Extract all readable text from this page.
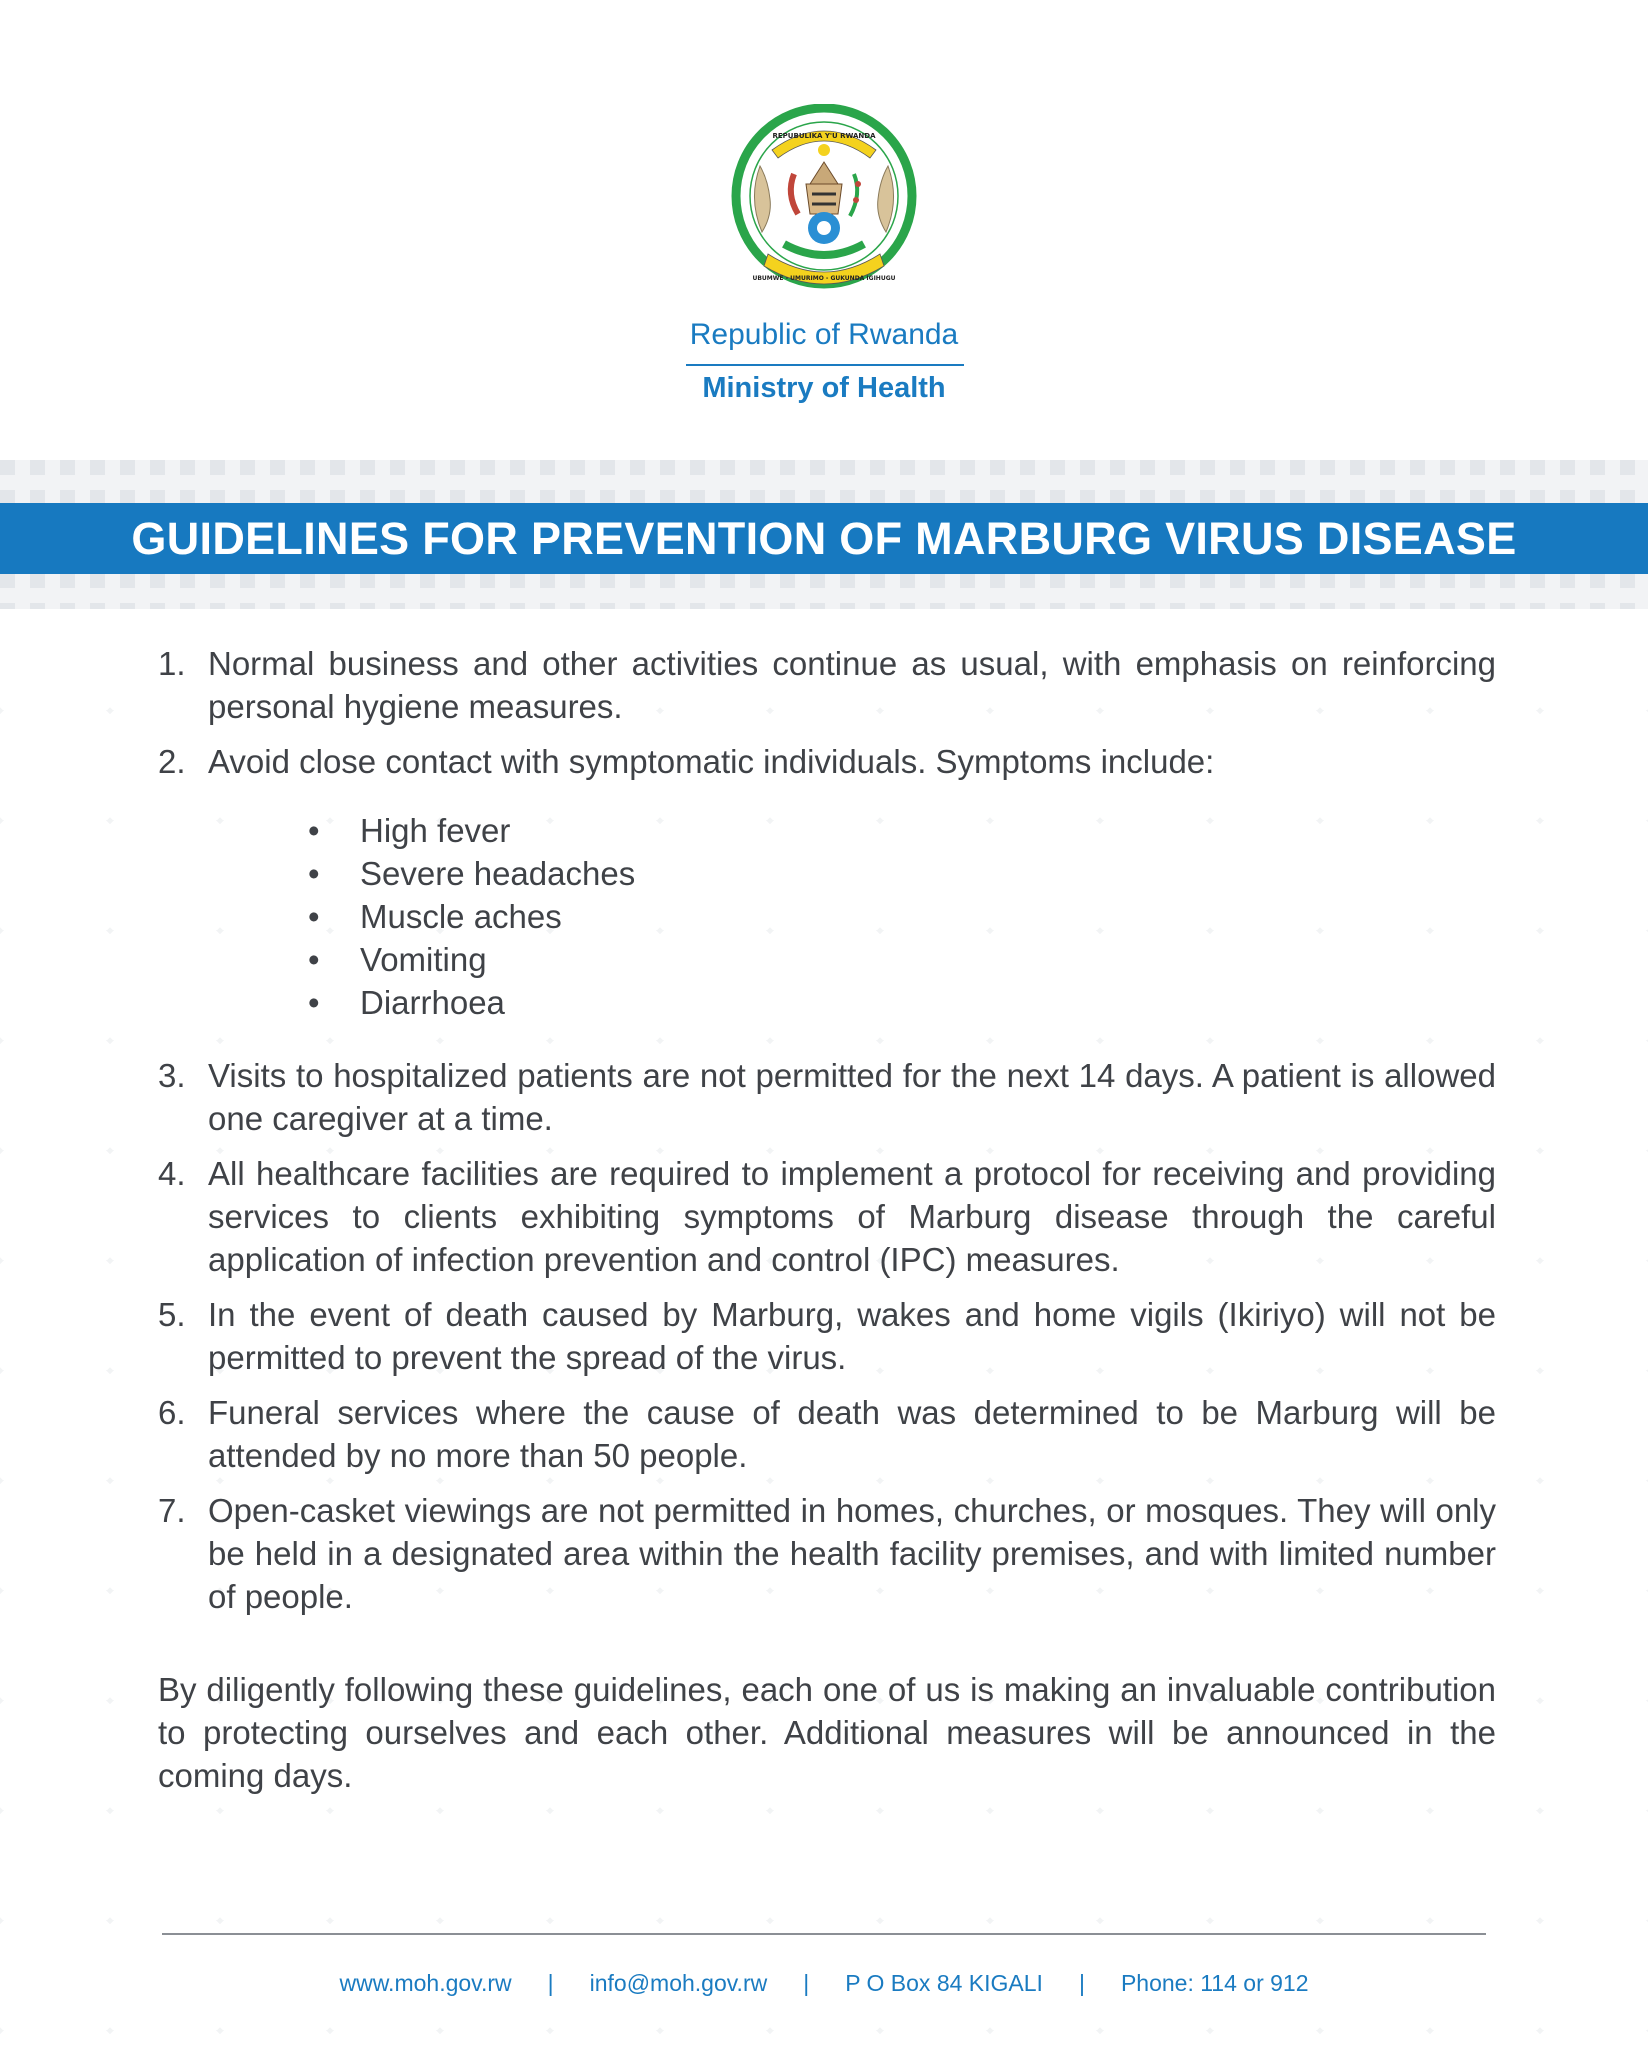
REPUBULIKA Y'U RWANDA
UBUMWE - UMURIMO - GUKUNDA IGIHUGU
Republic of Rwanda
Ministry of Health
GUIDELINES FOR PREVENTION OF MARBURG VIRUS DISEASE
1. Normal business and other activities continue as usual, with emphasis on reinforcing personal hygiene measures.
2. Avoid close contact with symptomatic individuals. Symptoms include:
• High fever
• Severe headaches
• Muscle aches
• Vomiting
• Diarrhoea
3. Visits to hospitalized patients are not permitted for the next 14 days. A patient is allowed one caregiver at a time.
4. All healthcare facilities are required to implement a protocol for receiving and providing services to clients exhibiting symptoms of Marburg disease through the careful application of infection prevention and control (IPC) measures.
5. In the event of death caused by Marburg, wakes and home vigils (Ikiriyo) will not be permitted to prevent the spread of the virus.
6. Funeral services where the cause of death was determined to be Marburg will be attended by no more than 50 people.
7. Open-casket viewings are not permitted in homes, churches, or mosques. They will only be held in a designated area within the health facility premises, and with limited number of people.
By diligently following these guidelines, each one of us is making an invaluable contribution to protecting ourselves and each other. Additional measures will be announced in the coming days.
www.moh.gov.rw | info@moh.gov.rw | P O Box 84 KIGALI | Phone: 114 or 912
